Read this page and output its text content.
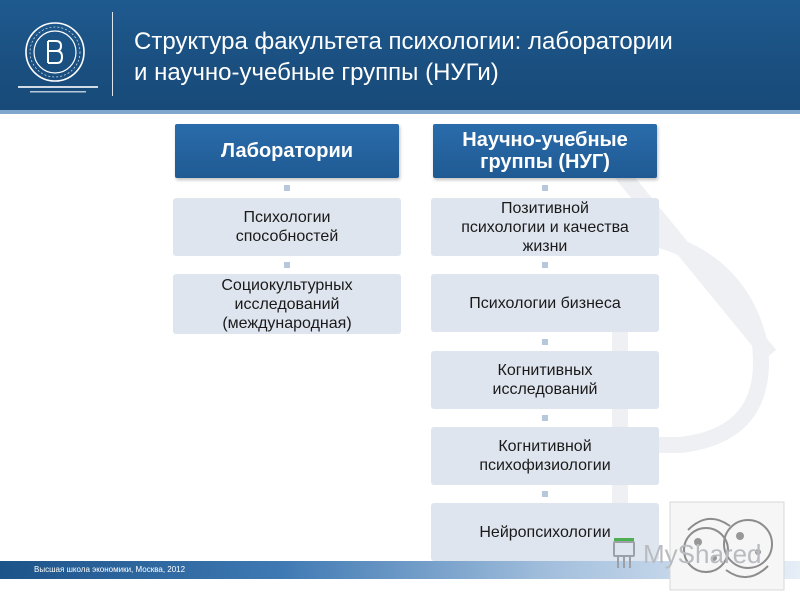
Структура факультета психологии: лаборатории
и научно-учебные группы (НУГи)
Лаборатории
Психологии
способностей
Социокультурных
исследований
(международная)
Научно-учебные
группы (НУГ)
Позитивной
психологии и качества
жизни
Психологии бизнеса
Когнитивных
исследований
Когнитивной
психофизиологии
Нейропсихологии
Высшая школа экономики, Москва, 2012
MyShared
